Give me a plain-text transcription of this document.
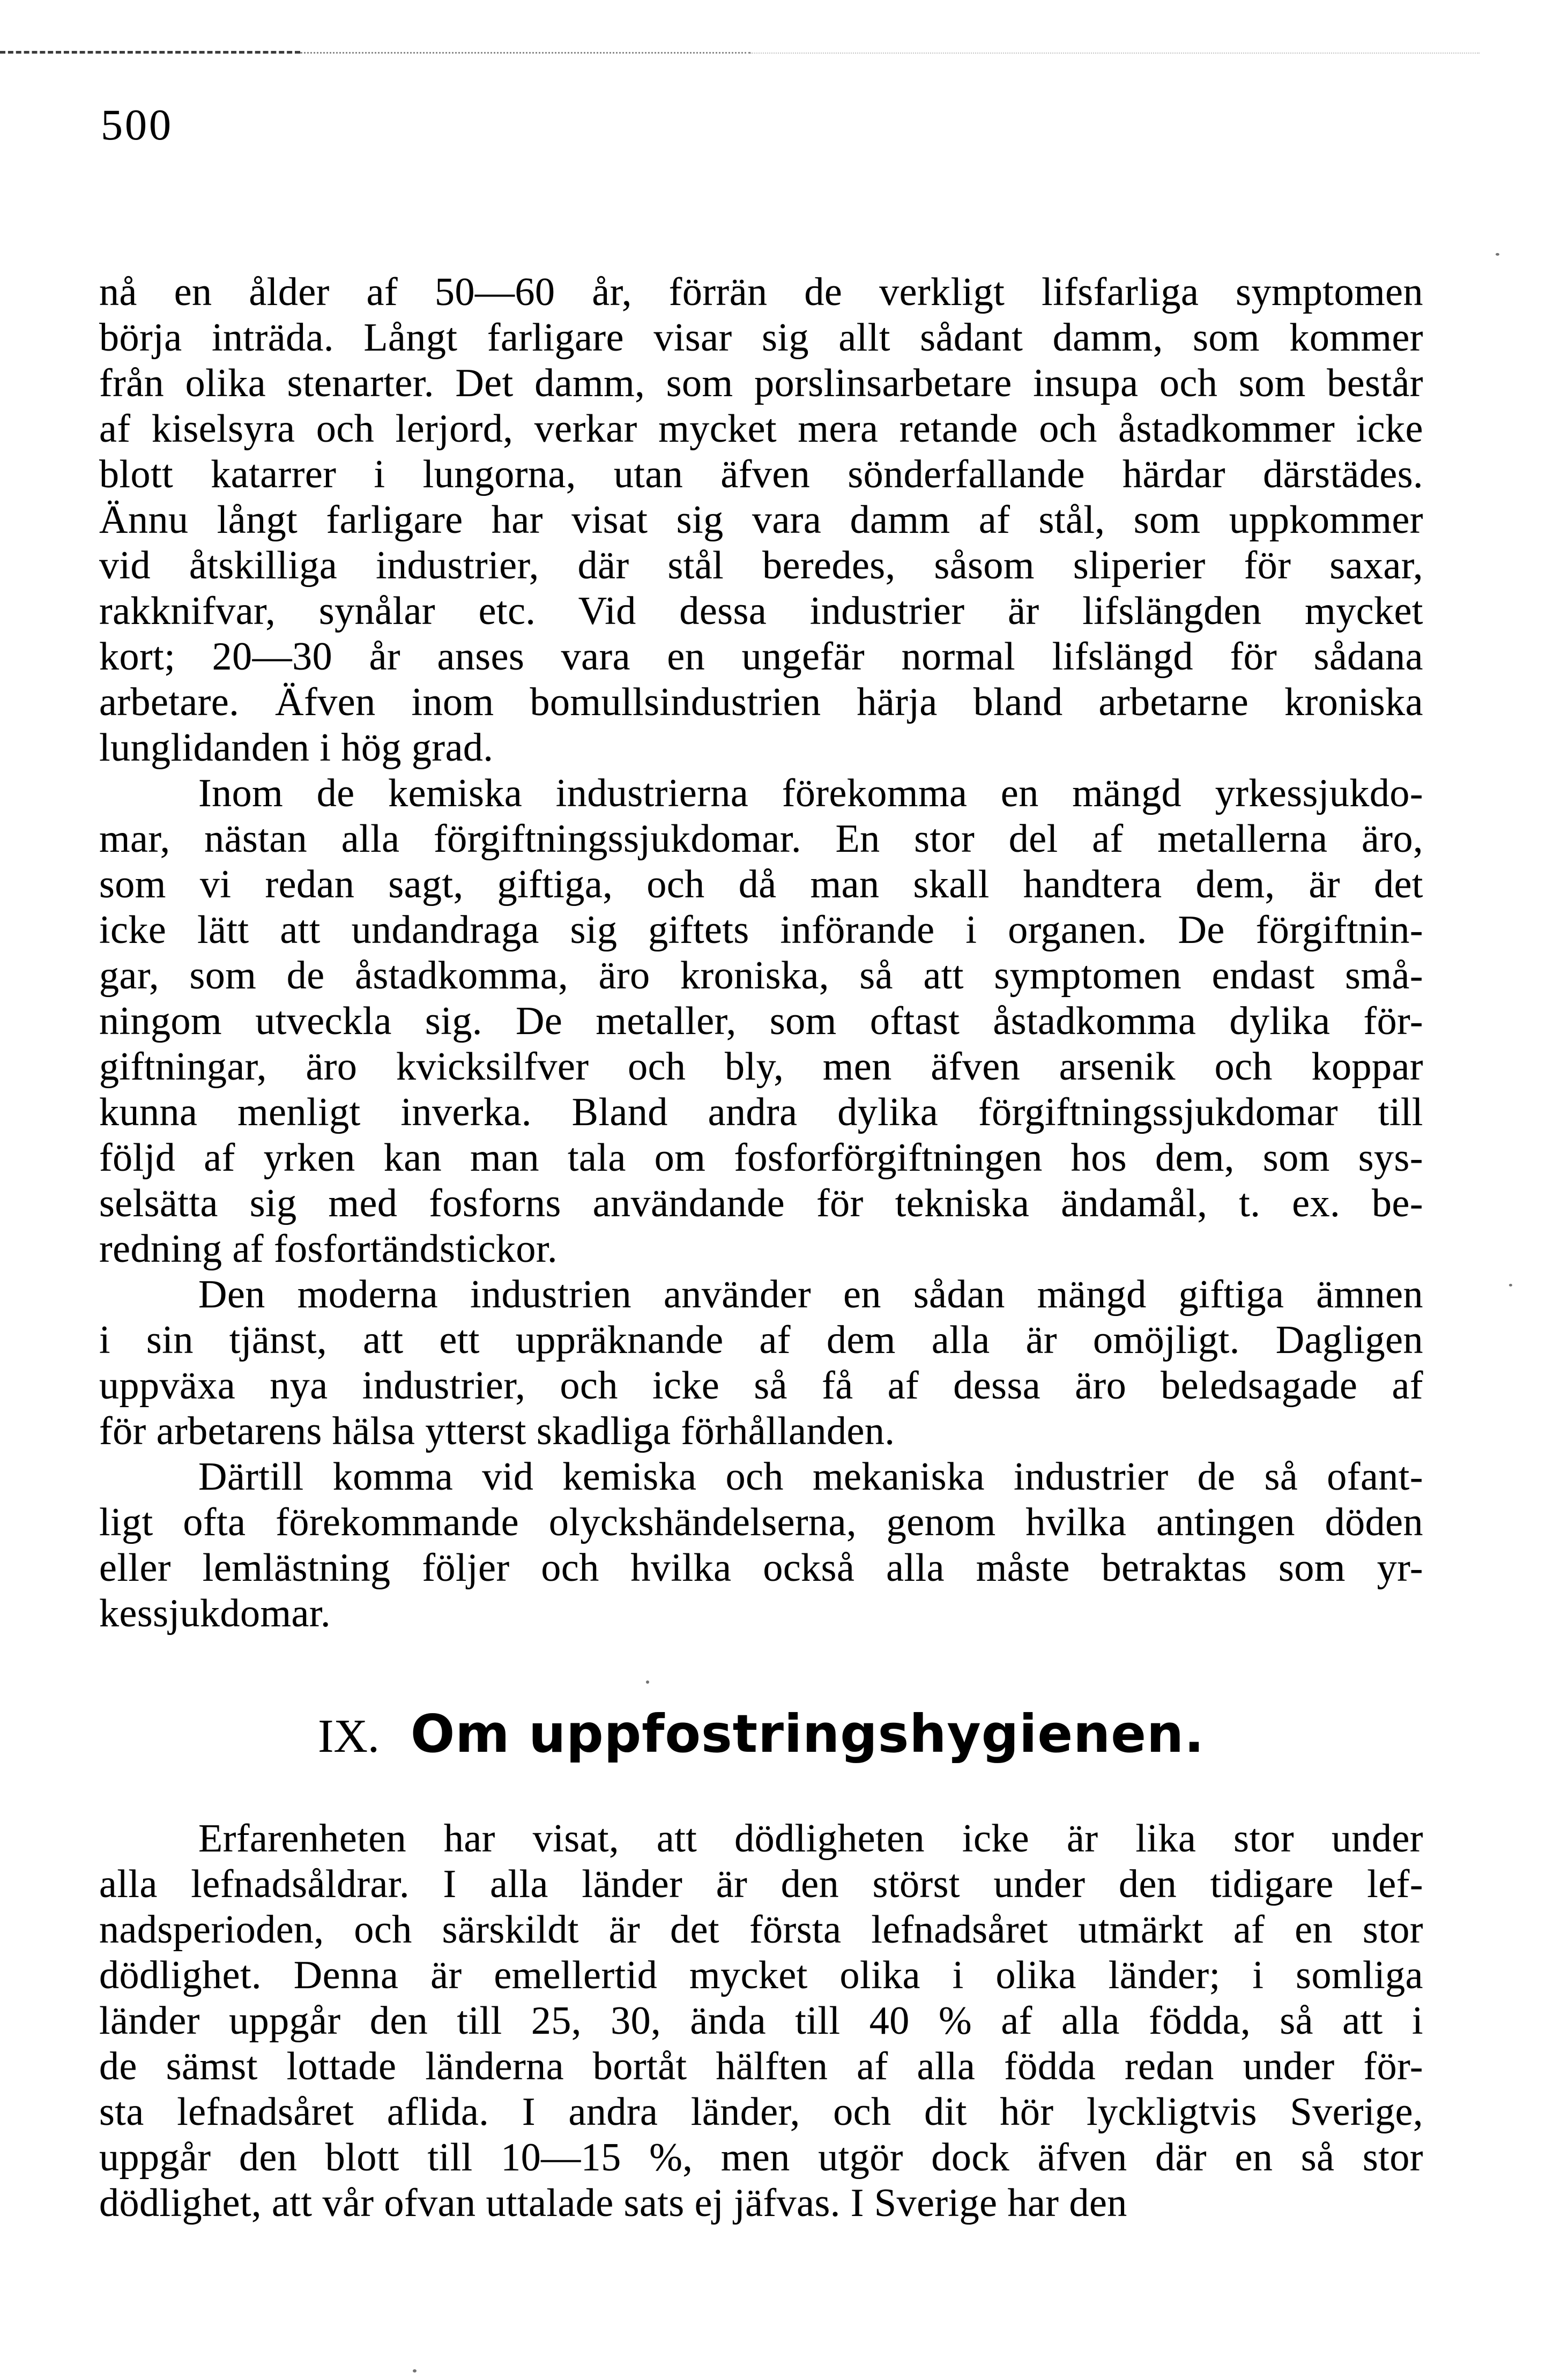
500
nå en ålder af 50—60 år, förrän de verkligt lifsfarliga symptomen
börja inträda. Långt farligare visar sig allt sådant damm, som kommer
från olika stenarter. Det damm, som porslinsarbetare insupa och som består
af kiselsyra och lerjord, verkar mycket mera retande och åstadkommer icke
blott katarrer i lungorna, utan äfven sönderfallande härdar därstädes.
Ännu långt farligare har visat sig vara damm af stål, som uppkommer
vid åtskilliga industrier, där stål beredes, såsom sliperier för saxar,
rakknifvar, synålar etc. Vid dessa industrier är lifslängden mycket
kort; 20—30 år anses vara en ungefär normal lifslängd för sådana
arbetare. Äfven inom bomullsindustrien härja bland arbetarne kroniska
lunglidanden i hög grad.
Inom de kemiska industrierna förekomma en mängd yrkessjukdo-
mar, nästan alla förgiftningssjukdomar. En stor del af metallerna äro,
som vi redan sagt, giftiga, och då man skall handtera dem, är det
icke lätt att undandraga sig giftets införande i organen. De förgiftnin-
gar, som de åstadkomma, äro kroniska, så att symptomen endast små-
ningom utveckla sig. De metaller, som oftast åstadkomma dylika för-
giftningar, äro kvicksilfver och bly, men äfven arsenik och koppar
kunna menligt inverka. Bland andra dylika förgiftningssjukdomar till
följd af yrken kan man tala om fosforförgiftningen hos dem, som sys-
selsätta sig med fosforns användande för tekniska ändamål, t. ex. be-
redning af fosfortändstickor.
Den moderna industrien använder en sådan mängd giftiga ämnen
i sin tjänst, att ett uppräknande af dem alla är omöjligt. Dagligen
uppväxa nya industrier, och icke så få af dessa äro beledsagade af
för arbetarens hälsa ytterst skadliga förhållanden.
Därtill komma vid kemiska och mekaniska industrier de så ofant-
ligt ofta förekommande olyckshändelserna, genom hvilka antingen döden
eller lemlästning följer och hvilka också alla måste betraktas som yr-
kessjukdomar.
IX. Om uppfostringshygienen.
Erfarenheten har visat, att dödligheten icke är lika stor under
alla lefnadsåldrar. I alla länder är den störst under den tidigare lef-
nadsperioden, och särskildt är det första lefnadsåret utmärkt af en stor
dödlighet. Denna är emellertid mycket olika i olika länder; i somliga
länder uppgår den till 25, 30, ända till 40 % af alla födda, så att i
de sämst lottade länderna bortåt hälften af alla födda redan under för-
sta lefnadsåret aflida. I andra länder, och dit hör lyckligtvis Sverige,
uppgår den blott till 10—15 %, men utgör dock äfven där en så stor
dödlighet, att vår ofvan uttalade sats ej jäfvas. I Sverige har den
